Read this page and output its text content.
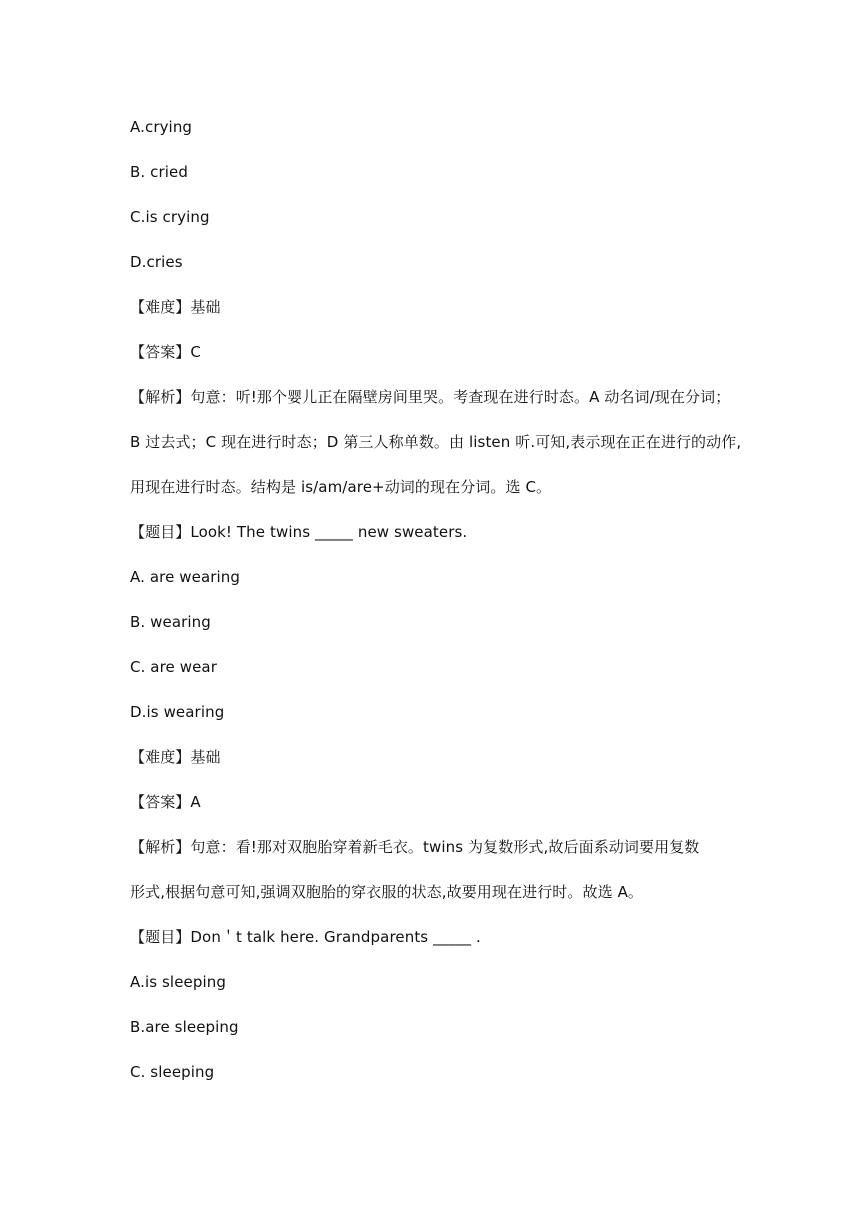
A.crying
B. cried
C.is crying
D.cries
【难度】基础
【答案】C
【解析】句意：听!那个婴儿正在隔壁房间里哭。考查现在进行时态。A 动名词/现在分词；
B 过去式；C 现在进行时态；D 第三人称单数。由 listen 听.可知,表示现在正在进行的动作,
用现在进行时态。结构是 is/am/are+动词的现在分词。选 C。
【题目】Look! The twins _____ new sweaters.
A. are wearing
B. wearing
C. are wear
D.is wearing
【难度】基础
【答案】A
【解析】句意：看!那对双胞胎穿着新毛衣。twins 为复数形式,故后面系动词要用复数
形式,根据句意可知,强调双胞胎的穿衣服的状态,故要用现在进行时。故选 A。
【题目】Don＇t talk here. Grandparents _____ .
A.is sleeping
B.are sleeping
C. sleeping
